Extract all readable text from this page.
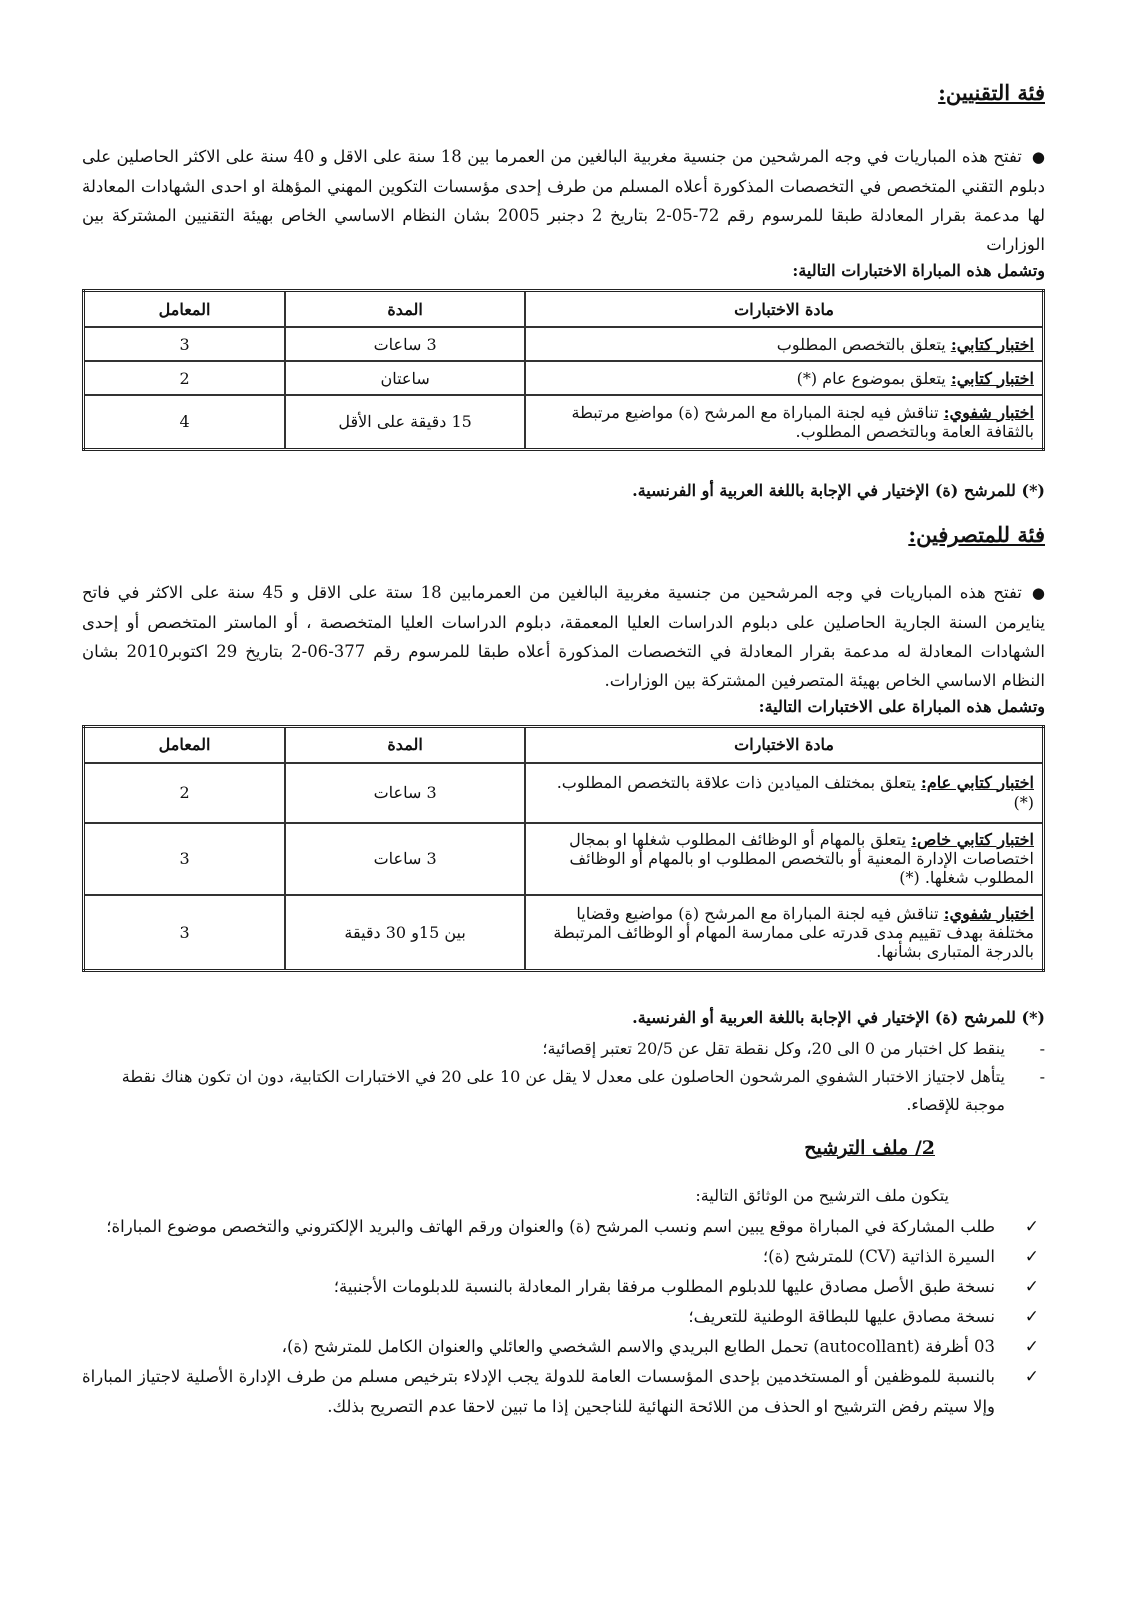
فئة التقنيين:

●تفتح هذه المباريات في وجه المرشحين من جنسية مغربية البالغين من العمرما بين 18 سنة على الاقل و 40 سنة على الاكثر الحاصلين على دبلوم التقني المتخصص في التخصصات المذكورة أعلاه المسلم من طرف إحدى مؤسسات التكوين المهني المؤهلة او احدى الشهادات المعادلة لها مدعمة بقرار المعادلة طبقا للمرسوم رقم 72-05-2 بتاريخ 2 دجنبر 2005 بشان النظام الاساسي الخاص بهيئة التقنيين المشتركة بين الوزارات

وتشمل هذه المباراة الاختبارات التالية:

مادة الاختبارات	المدة	المعامل
اختبار كتابي: يتعلق بالتخصص المطلوب	3 ساعات	3
اختبار كتابي: يتعلق بموضوع عام (*)	ساعتان	2
اختبار شفوي: تناقش فيه لجنة المباراة مع المرشح (ة) مواضيع مرتبطة بالثقافة العامة وبالتخصص المطلوب.	15 دقيقة على الأقل	4

(*) للمرشح (ة) الإختيار في الإجابة باللغة العربية أو الفرنسية.

فئة للمتصرفين:

●تفتح هذه المباريات في وجه المرشحين من جنسية مغربية البالغين من العمرمابين 18 ستة على الاقل و 45 سنة على الاكثر في فاتح ينايرمن السنة الجارية الحاصلين على دبلوم الدراسات العليا المعمقة، دبلوم الدراسات العليا المتخصصة ، أو الماستر المتخصص أو إحدى الشهادات المعادلة له مدعمة بقرار المعادلة في التخصصات المذكورة أعلاه طبقا للمرسوم رقم 377-06-2 بتاريخ 29 اكتوبر2010 بشان النظام الاساسي الخاص بهيئة المتصرفين المشتركة بين الوزارات.

وتشمل هذه المباراة على الاختبارات التالية:

مادة الاختبارات	المدة	المعامل
اختبار كتابي عام: يتعلق بمختلف الميادين ذات علاقة بالتخصص المطلوب. (*)	3 ساعات	2
اختبار كتابي خاص: يتعلق بالمهام أو الوظائف المطلوب شغلها او بمجال اختصاصات الإدارة المعنية أو بالتخصص المطلوب او بالمهام أو الوظائف المطلوب شغلها. (*)	3 ساعات	3
اختبار شفوي: تناقش فيه لجنة المباراة مع المرشح (ة) مواضيع وقضايا مختلفة بهدف تقييم مدى قدرته على ممارسة المهام أو الوظائف المرتبطة بالدرجة المتبارى بشأنها.	بين 15و 30 دقيقة	3

(*) للمرشح (ة) الإختيار في الإجابة باللغة العربية أو الفرنسية.

-
ينقط كل اختبار من 0 الى 20، وكل نقطة تقل عن 20/5 تعتبر إقصائية؛
-
يتأهل لاجتياز الاختبار الشفوي المرشحون الحاصلون على معدل لا يقل عن 10 على 20 في الاختبارات الكتابية، دون ان تكون هناك نقطة موجبة للإقصاء.
2/ ملف الترشيح

يتكون ملف الترشيح من الوثائق التالية:

✓
طلب المشاركة في المباراة موقع يبين اسم ونسب المرشح (ة) والعنوان ورقم الهاتف والبريد الإلكتروني والتخصص موضوع المباراة؛
✓
السيرة الذاتية (CV) للمترشح (ة)؛
✓
نسخة طبق الأصل مصادق عليها للدبلوم المطلوب مرفقا بقرار المعادلة بالنسبة للدبلومات الأجنبية؛
✓
نسخة مصادق عليها للبطاقة الوطنية للتعريف؛
✓
03 أظرفة (autocollant) تحمل الطابع البريدي والاسم الشخصي والعائلي والعنوان الكامل للمترشح (ة)،
✓
بالنسبة للموظفين أو المستخدمين بإحدى المؤسسات العامة للدولة يجب الإدلاء بترخيص مسلم من طرف الإدارة الأصلية لاجتياز المباراة وإلا سيتم رفض الترشيح او الحذف من اللائحة النهائية للناجحين إذا ما تبين لاحقا عدم التصريح بذلك.
